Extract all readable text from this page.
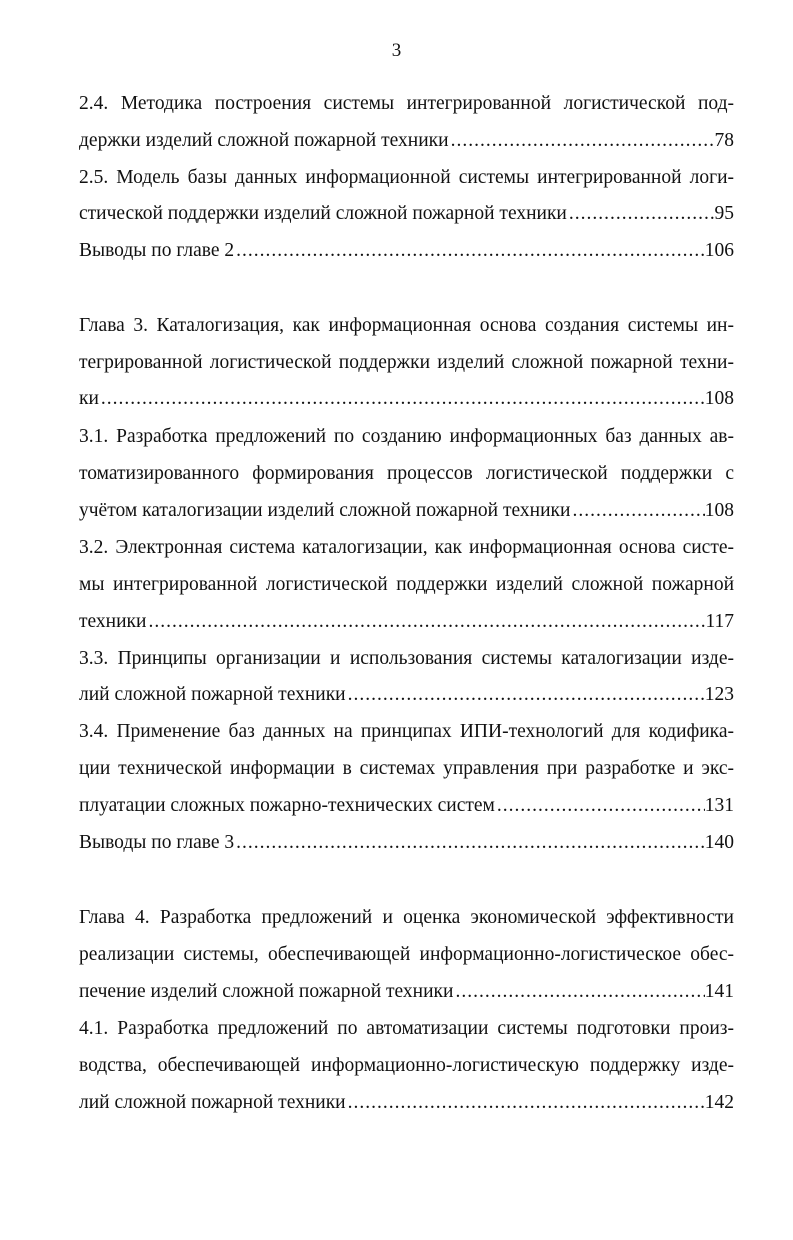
3
2.4. Методика построения системы интегрированной логистической под-
держки изделий сложной пожарной техники .....	78
2.5. Модель базы данных информационной системы интегрированной логи-
стической поддержки изделий сложной пожарной техники .....	95
Выводы по главе 2 .....	106
Глава 3. Каталогизация, как информационная основа создания системы ин-
тегрированной логистической поддержки изделий сложной пожарной техни-
ки .....	108
3.1. Разработка предложений по созданию информационных баз данных ав-
томатизированного формирования процессов логистической поддержки с
учётом каталогизации изделий сложной пожарной техники .....	108
3.2. Электронная система каталогизации, как информационная основа систе-
мы интегрированной логистической поддержки изделий сложной пожарной
техники .....	117
3.3. Принципы организации и использования системы каталогизации изде-
лий сложной пожарной техники .....	123
3.4. Применение баз данных на принципах ИПИ-технологий для кодифика-
ции технической информации в системах управления при разработке и экс-
плуатации сложных пожарно-технических систем .....	131
Выводы по главе 3 .....	140
Глава 4. Разработка предложений и оценка экономической эффективности
реализации системы, обеспечивающей информационно-логистическое обес-
печение изделий сложной пожарной техники .....	141
4.1. Разработка предложений по автоматизации системы подготовки произ-
водства, обеспечивающей информационно-логистическую поддержку изде-
лий сложной пожарной техники .....	142
